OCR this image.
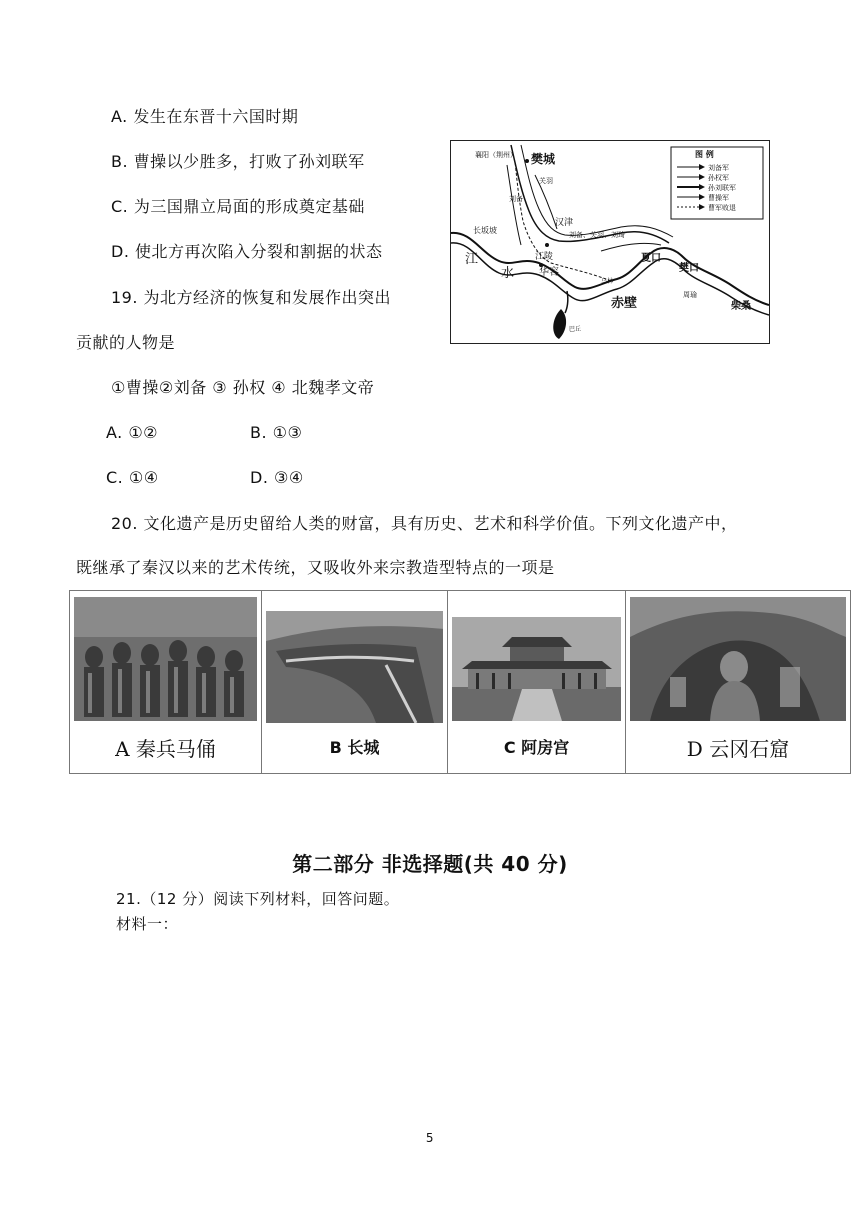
A. 发生在东晋十六国时期
B. 曹操以少胜多，打败了孙刘联军
C. 为三国鼎立局面的形成奠定基础
D. 使北方再次陷入分裂和割据的状态
19. 为北方经济的恢复和发展作出突出
贡献的人物是
①曹操②刘备 ③ 孙权 ④ 北魏孝文帝
A. ①②	B. ①③
C. ①④	D. ③④
图 例
刘备军
孙权军
孙刘联军
曹操军
曹军败退
襄阳（荆州） 樊城
关羽
刘备
汉津
刘备、关羽、刘琦
长坂坡
江陵
华容
江
水
乌林
赤壁
夏口
樊口
周瑜
柴桑
巴丘
20. 文化遗产是历史留给人类的财富，具有历史、艺术和科学价值。下列文化遗产中，
既继承了秦汉以来的艺术传统，又吸收外来宗教造型特点的一项是
A 秦兵马俑	B 长城	C 阿房宫	D 云冈石窟
第二部分 非选择题(共 40 分)
21.（12 分）阅读下列材料，回答问题。
材料一：
5
